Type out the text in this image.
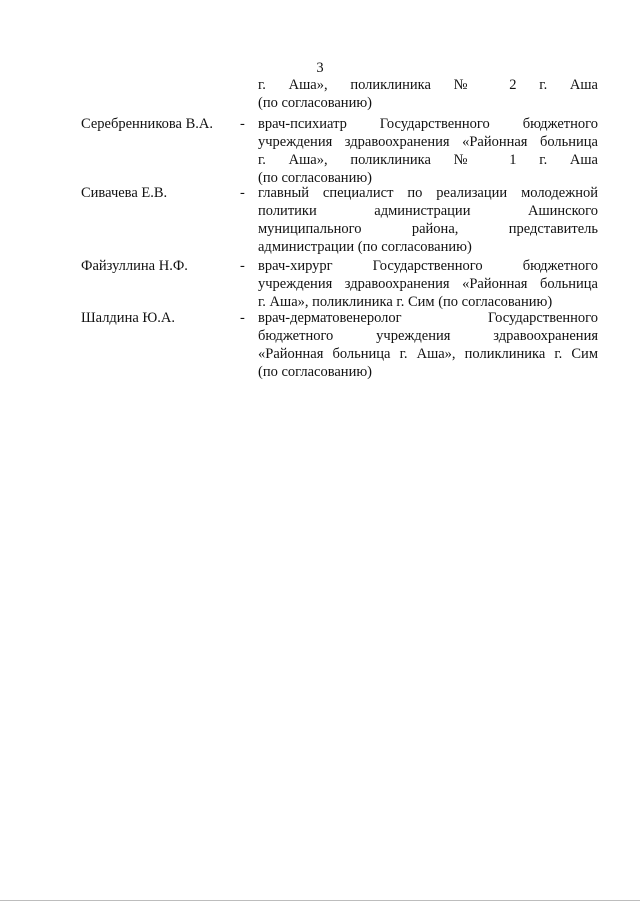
3
г. Аша», поликлиника № 2 г. Аша
(по согласованию)
Серебренникова В.А. - врач-психиатр Государственного бюджетного
учреждения здравоохранения «Районная больница
г. Аша», поликлиника № 1 г. Аша
(по согласованию)
Сивачева Е.В.	- главный специалист по реализации молодежной
политики администрации Ашинского
муниципального района, представитель
администрации (по согласованию)
Файзуллина Н.Ф.	- врач-хирург Государственного бюджетного
учреждения здравоохранения «Районная больница
г. Аша», поликлиника г. Сим (по согласованию)
Шалдина Ю.А.	- врач-дерматовенеролог Государственного
бюджетного учреждения здравоохранения
«Районная больница г. Аша», поликлиника г. Сим
(по согласованию)
